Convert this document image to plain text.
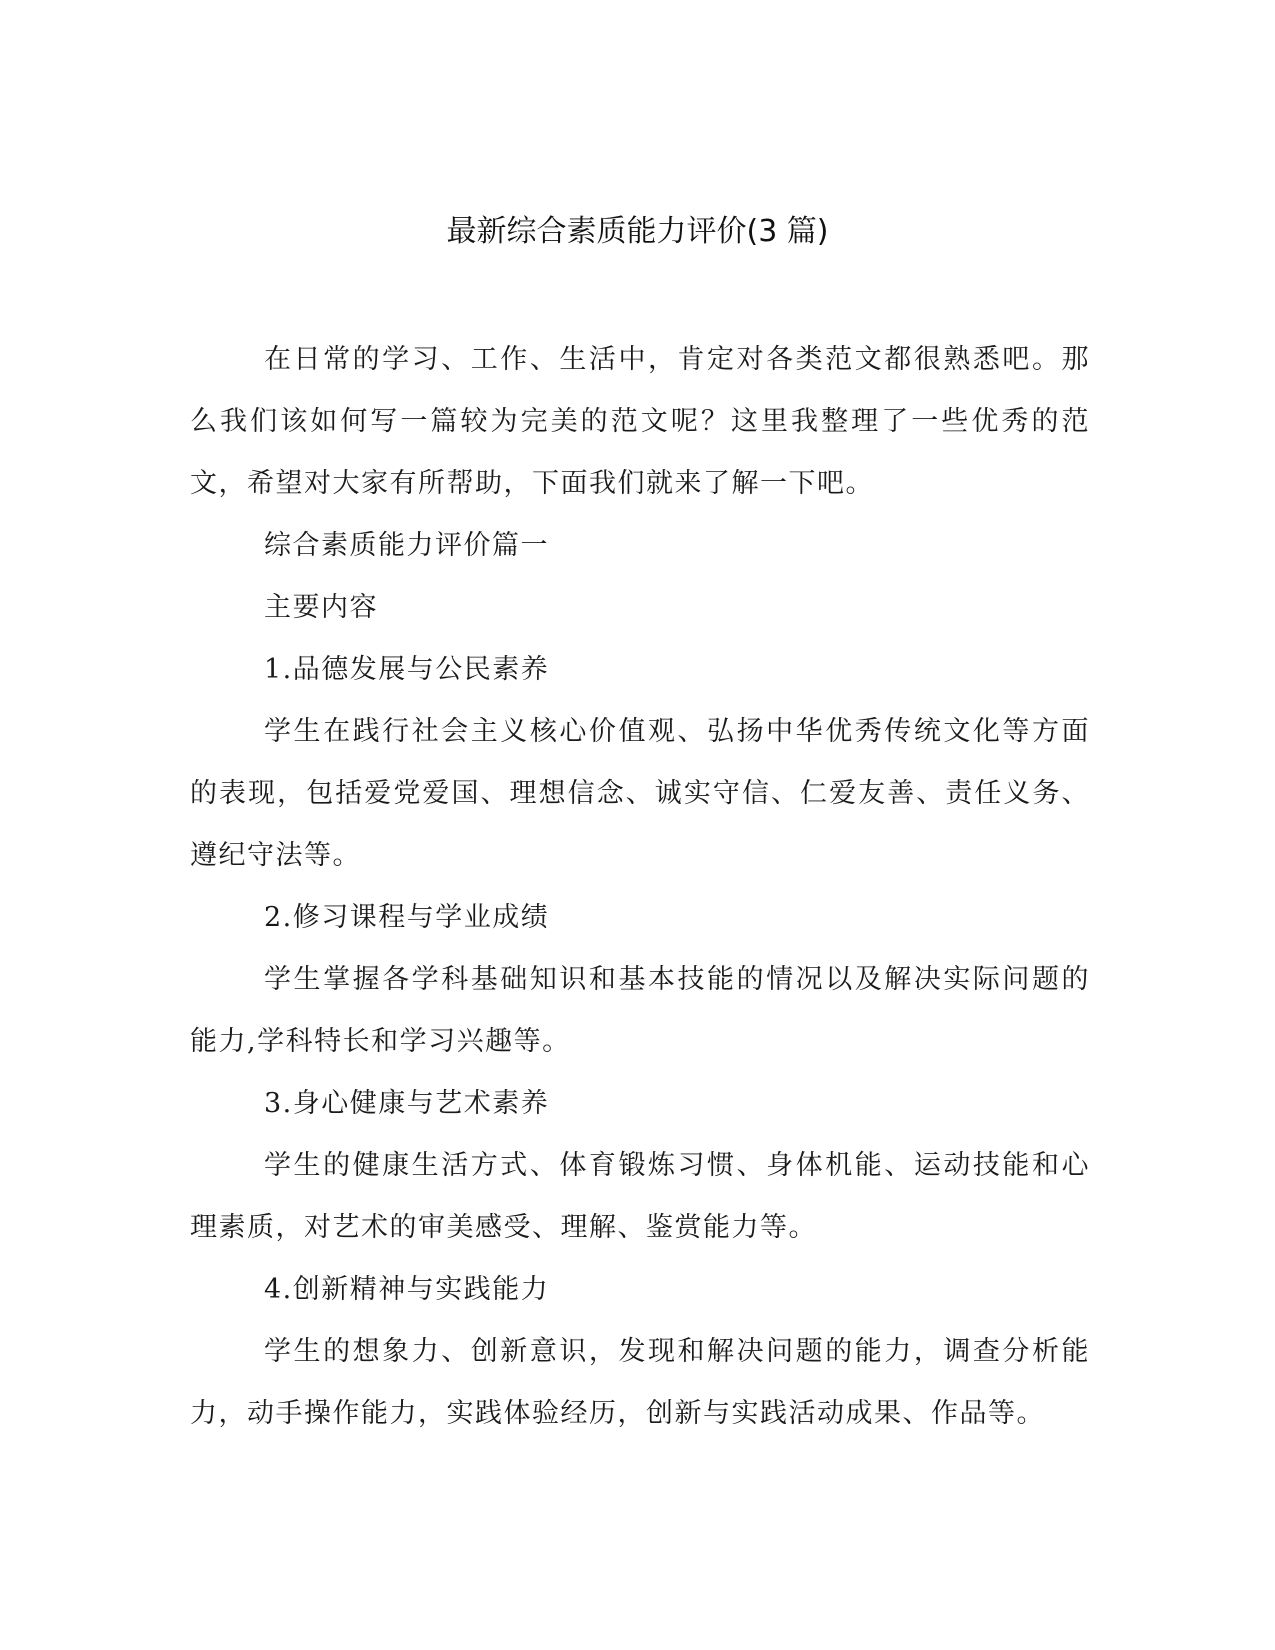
最新综合素质能力评价(3 篇)

在日常的学习、工作、生活中，肯定对各类范文都很熟悉吧。那么我们该如何写一篇较为完美的范文呢？这里我整理了一些优秀的范文，希望对大家有所帮助，下面我们就来了解一下吧。

综合素质能力评价篇一

主要内容

1.品德发展与公民素养

学生在践行社会主义核心价值观、弘扬中华优秀传统文化等方面的表现，包括爱党爱国、理想信念、诚实守信、仁爱友善、责任义务、遵纪守法等。

2.修习课程与学业成绩

学生掌握各学科基础知识和基本技能的情况以及解决实际问题的能力,学科特长和学习兴趣等。

3.身心健康与艺术素养

学生的健康生活方式、体育锻炼习惯、身体机能、运动技能和心理素质，对艺术的审美感受、理解、鉴赏能力等。

4.创新精神与实践能力

学生的想象力、创新意识，发现和解决问题的能力，调查分析能力，动手操作能力，实践体验经历，创新与实践活动成果、作品等。
